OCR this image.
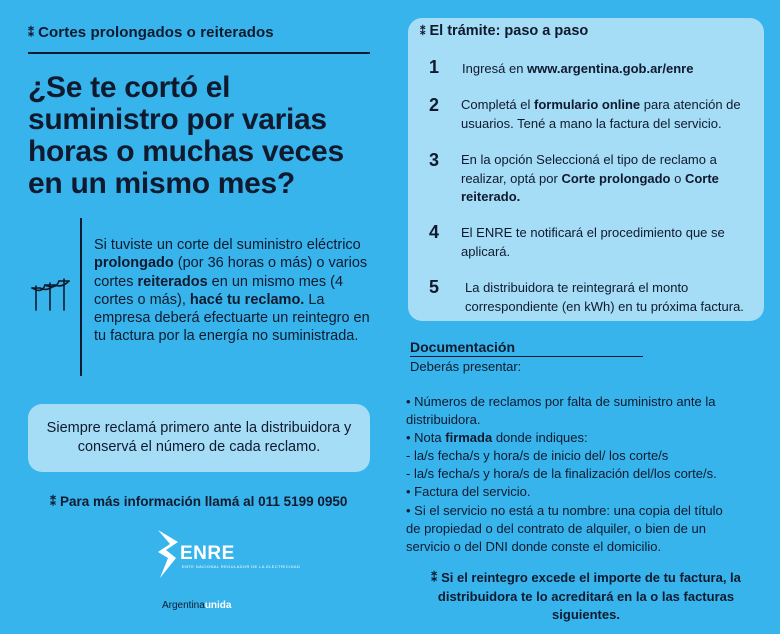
⁑ Cortes prolongados o reiterados
¿Se te cortó el suministro por varias horas o muchas veces en un mismo mes?

Si tuviste un corte del suministro eléctrico prolongado (por 36 horas o más) o varios cortes reiterados en un mismo mes (4 cortes o más), hacé tu reclamo. La empresa deberá efectuarte un reintegro en tu factura por la energía no suministrada.

Siempre reclamá primero ante la distribuidora y conservá el número de cada reclamo.
⁑ Para más información llamá al 011 5199 0950
ENRE
ENTE NACIONAL REGULADOR DE LA ELECTRICIDAD
Argentinaunida
⁑ El trámite: paso a paso
1 Ingresá en www.argentina.gob.ar/enre
2 Completá el formulario online para atención de usuarios. Tené a mano la factura del servicio.
3 En la opción Seleccioná el tipo de reclamo a realizar, optá por Corte prolongado o Corte reiterado.
4 El ENRE te notificará el procedimiento que se aplicará.
5 La distribuidora te reintegrará el monto correspondiente (en kWh) en tu próxima factura.
Documentación
Deberás presentar:
• Números de reclamos por falta de suministro ante la
distribuidora.
• Nota firmada donde indiques:
- la/s fecha/s y hora/s de inicio del/ los corte/s
- la/s fecha/s y hora/s de la finalización del/los corte/s.
• Factura del servicio.
• Si el servicio no está a tu nombre: una copia del título
de propiedad o del contrato de alquiler, o bien de un
servicio o del DNI donde conste el domicilio.
⁑ Si el reintegro excede el importe de tu factura, la
distribuidora te lo acreditará en la o las facturas siguientes.
